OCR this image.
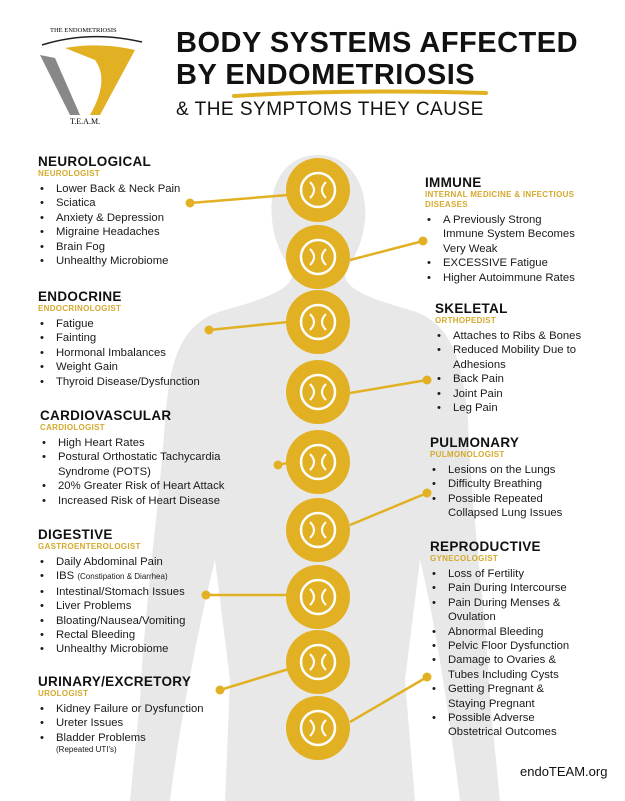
THE ENDOMETRIOSIS
T.E.A.M.
BODY SYSTEMS AFFECTED
BY ENDOMETRIOSIS
& THE SYMPTOMS THEY CAUSE
NEUROLOGICAL
NEUROLOGIST
• Lower Back & Neck Pain
• Sciatica
• Anxiety & Depression
• Migraine Headaches
• Brain Fog
• Unhealthy Microbiome
ENDOCRINE
ENDOCRINOLOGIST
• Fatigue
• Fainting
• Hormonal Imbalances
• Weight Gain
• Thyroid Disease/Dysfunction
CARDIOVASCULAR
CARDIOLOGIST
• High Heart Rates
• Postural Orthostatic Tachycardia Syndrome (POTS)
• 20% Greater Risk of Heart Attack
• Increased Risk of Heart Disease
DIGESTIVE
GASTROENTEROLOGIST
• Daily Abdominal Pain
• IBS (Constipation & Diarrhea)
• Intestinal/Stomach Issues
• Liver Problems
• Bloating/Nausea/Vomiting
• Rectal Bleeding
• Unhealthy Microbiome
URINARY/EXCRETORY
UROLOGIST
• Kidney Failure or Dysfunction
• Ureter Issues
• Bladder Problems
(Repeated UTI's)
IMMUNE
INTERNAL MEDICINE & INFECTIOUS DISEASES
• A Previously Strong Immune System Becomes Very Weak
• EXCESSIVE Fatigue
• Higher Autoimmune Rates
SKELETAL
ORTHOPEDIST
• Attaches to Ribs & Bones
• Reduced Mobility Due to Adhesions
• Back Pain
• Joint Pain
• Leg Pain
PULMONARY
PULMONOLOGIST
• Lesions on the Lungs
• Difficulty Breathing
• Possible Repeated Collapsed Lung Issues
REPRODUCTIVE
GYNECOLOGIST
• Loss of Fertility
• Pain During Intercourse
• Pain During Menses & Ovulation
• Abnormal Bleeding
• Pelvic Floor Dysfunction
• Damage to Ovaries & Tubes Including Cysts
• Getting Pregnant & Staying Pregnant
• Possible Adverse Obstetrical Outcomes
endoTEAM.org
